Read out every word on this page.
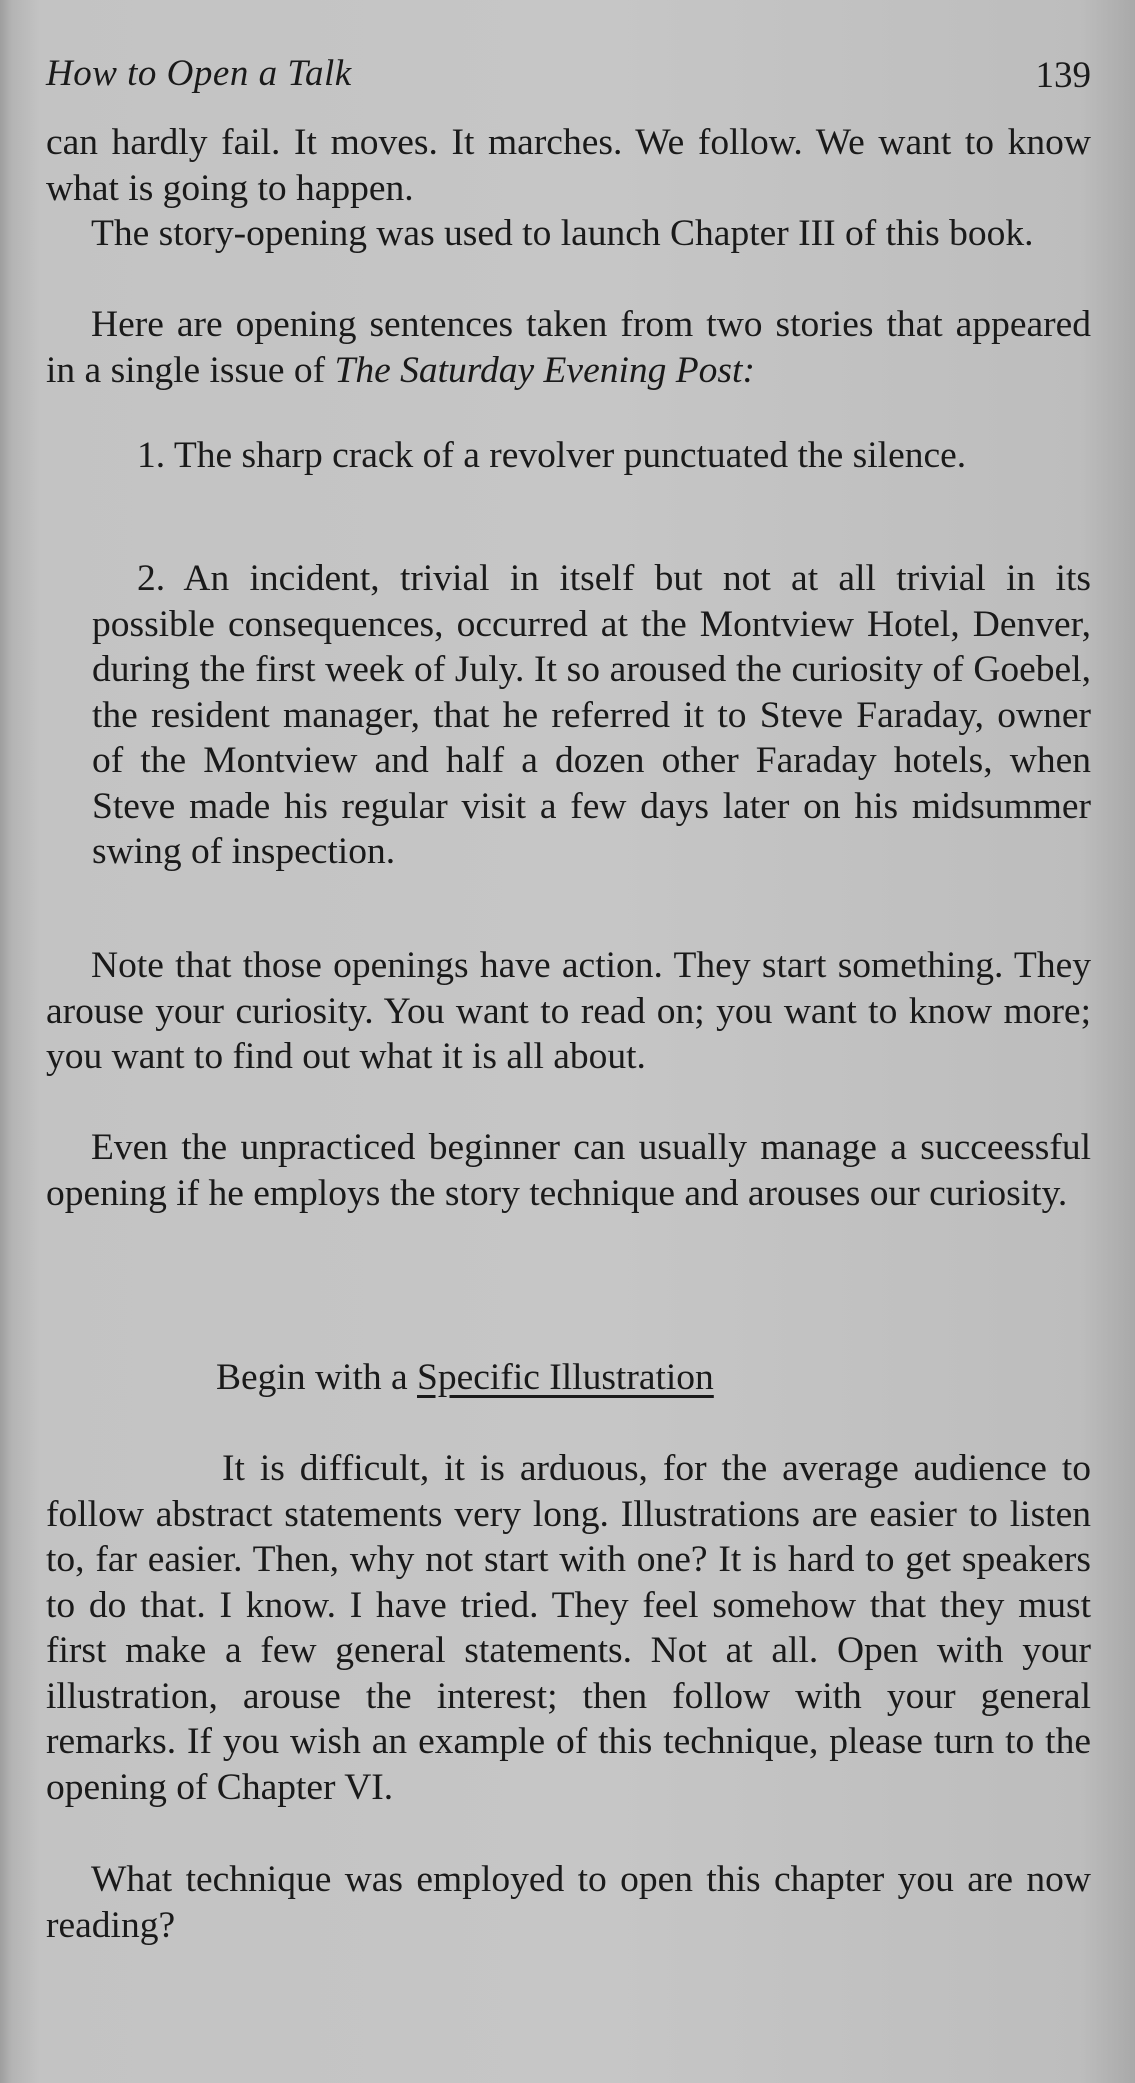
How to Open a Talk	139

can hardly fail. It moves. It marches. We follow. We want to know what is going to happen.

The story-opening was used to launch Chapter III of this book.

Here are opening sentences taken from two stories that appeared in a single issue of The Saturday Evening Post:

1. The sharp crack of a revolver punctuated the silence.

2. An incident, trivial in itself but not at all trivial in its possible consequences, occurred at the Montview Hotel, Denver, during the first week of July. It so aroused the curiosity of Goebel, the resident manager, that he referred it to Steve Faraday, owner of the Montview and half a dozen other Faraday hotels, when Steve made his regular visit a few days later on his midsummer swing of inspection.

Note that those openings have action. They start something. They arouse your curiosity. You want to read on; you want to know more; you want to find out what it is all about.

Even the unpracticed beginner can usually manage a succeessful opening if he employs the story technique and arouses our curiosity.

Begin with a Specific Illustration

It is difficult, it is arduous, for the average audience to follow abstract statements very long. Illustrations are easier to listen to, far easier. Then, why not start with one? It is hard to get speakers to do that. I know. I have tried. They feel somehow that they must first make a few general statements. Not at all. Open with your illustration, arouse the interest; then follow with your general remarks. If you wish an example of this technique, please turn to the opening of Chapter VI.

What technique was employed to open this chapter you are now reading?
